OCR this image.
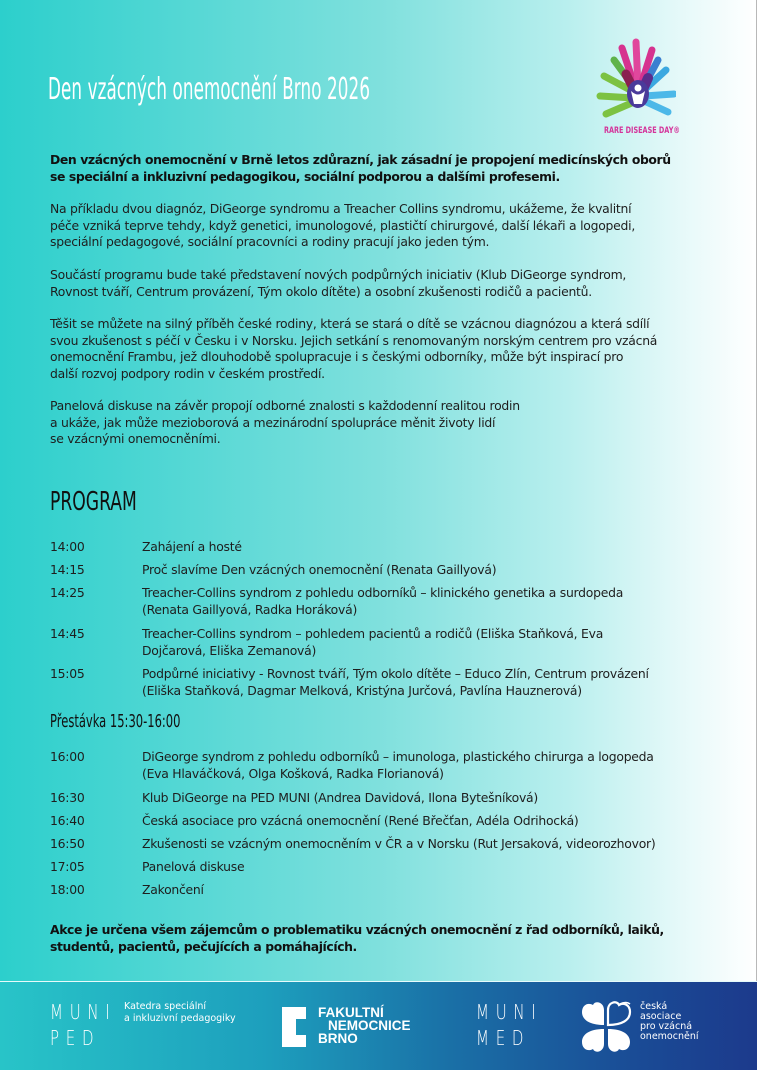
Den vzácných onemocnění Brno 2026
RARE DISEASE DAY®
Den vzácných onemocnění v Brně letos zdůrazní, jak zásadní je propojení medicínských oborů
se speciální a inkluzivní pedagogikou, sociální podporou a dalšími profesemi.
Na příkladu dvou diagnóz, DiGeorge syndromu a Treacher Collins syndromu, ukážeme, že kvalitní
péče vzniká teprve tehdy, když genetici, imunologové, plastičtí chirurgové, další lékaři a logopedi,
speciální pedagogové, sociální pracovníci a rodiny pracují jako jeden tým.
Součástí programu bude také představení nových podpůrných iniciativ (Klub DiGeorge syndrom,
Rovnost tváří, Centrum provázení, Tým okolo dítěte) a osobní zkušenosti rodičů a pacientů.
Těšit se můžete na silný příběh české rodiny, která se stará o dítě se vzácnou diagnózou a která sdílí
svou zkušenost s péčí v Česku i v Norsku. Jejich setkání s renomovaným norským centrem pro vzácná
onemocnění Frambu, jež dlouhodobě spolupracuje i s českými odborníky, může být inspirací pro
další rozvoj podpory rodin v českém prostředí.
Panelová diskuse na závěr propojí odborné znalosti s každodenní realitou rodin
a ukáže, jak může mezioborová a mezinárodní spolupráce měnit životy lidí
se vzácnými onemocněními.
PROGRAM
14:00	Zahájení a hosté
14:15	Proč slavíme Den vzácných onemocnění (Renata Gaillyová)
14:25	Treacher-Collins syndrom z pohledu odborníků – klinického genetika a surdopeda
(Renata Gaillyová, Radka Horáková)
14:45	Treacher-Collins syndrom – pohledem pacientů a rodičů (Eliška Staňková, Eva
Dojčarová, Eliška Zemanová)
15:05	Podpůrné iniciativy - Rovnost tváří, Tým okolo dítěte – Educo Zlín, Centrum provázení
(Eliška Staňková, Dagmar Melková, Kristýna Jurčová, Pavlína Hauznerová)
Přestávka 15:30-16:00
16:00	DiGeorge syndrom z pohledu odborníků – imunologa, plastického chirurga a logopeda
(Eva Hlaváčková, Olga Košková, Radka Florianová)
16:30	Klub DiGeorge na PED MUNI (Andrea Davidová, Ilona Bytešníková)
16:40	Česká asociace pro vzácná onemocnění (René Břečťan, Adéla Odrihocká)
16:50	Zkušenosti se vzácným onemocněním v ČR a v Norsku (Rut Jersaková, videorozhovor)
17:05	Panelová diskuse
18:00	Zakončení
Akce je určena všem zájemcům o problematiku vzácných onemocnění z řad odborníků, laiků,
studentů, pacientů, pečujících a pomáhajících.
MUNI
PED
Katedra speciální
a inkluzivní pedagogiky	FAKULTNÍ
NEMOCNICE
BRNO
MUNI
MED
česká
asociace
pro vzácná
onemocnění
